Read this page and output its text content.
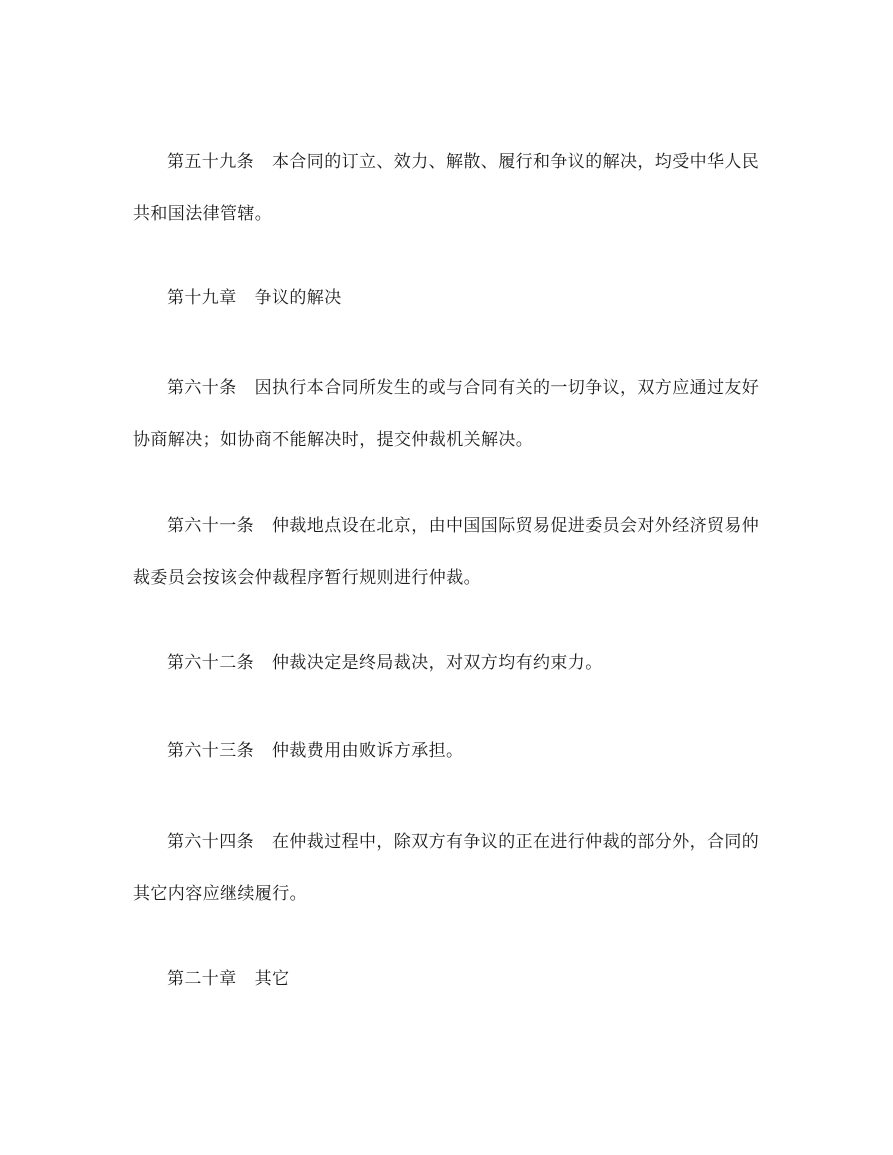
第五十九条 本合同的订立、效力、解散、履行和争议的解决，均受中华人民共和国法律管辖。

第十九章 争议的解决

第六十条 因执行本合同所发生的或与合同有关的一切争议，双方应通过友好协商解决；如协商不能解决时，提交仲裁机关解决。

第六十一条 仲裁地点设在北京，由中国国际贸易促进委员会对外经济贸易仲裁委员会按该会仲裁程序暂行规则进行仲裁。

第六十二条 仲裁决定是终局裁决，对双方均有约束力。

第六十三条 仲裁费用由败诉方承担。

第六十四条 在仲裁过程中，除双方有争议的正在进行仲裁的部分外，合同的其它内容应继续履行。

第二十章 其它
